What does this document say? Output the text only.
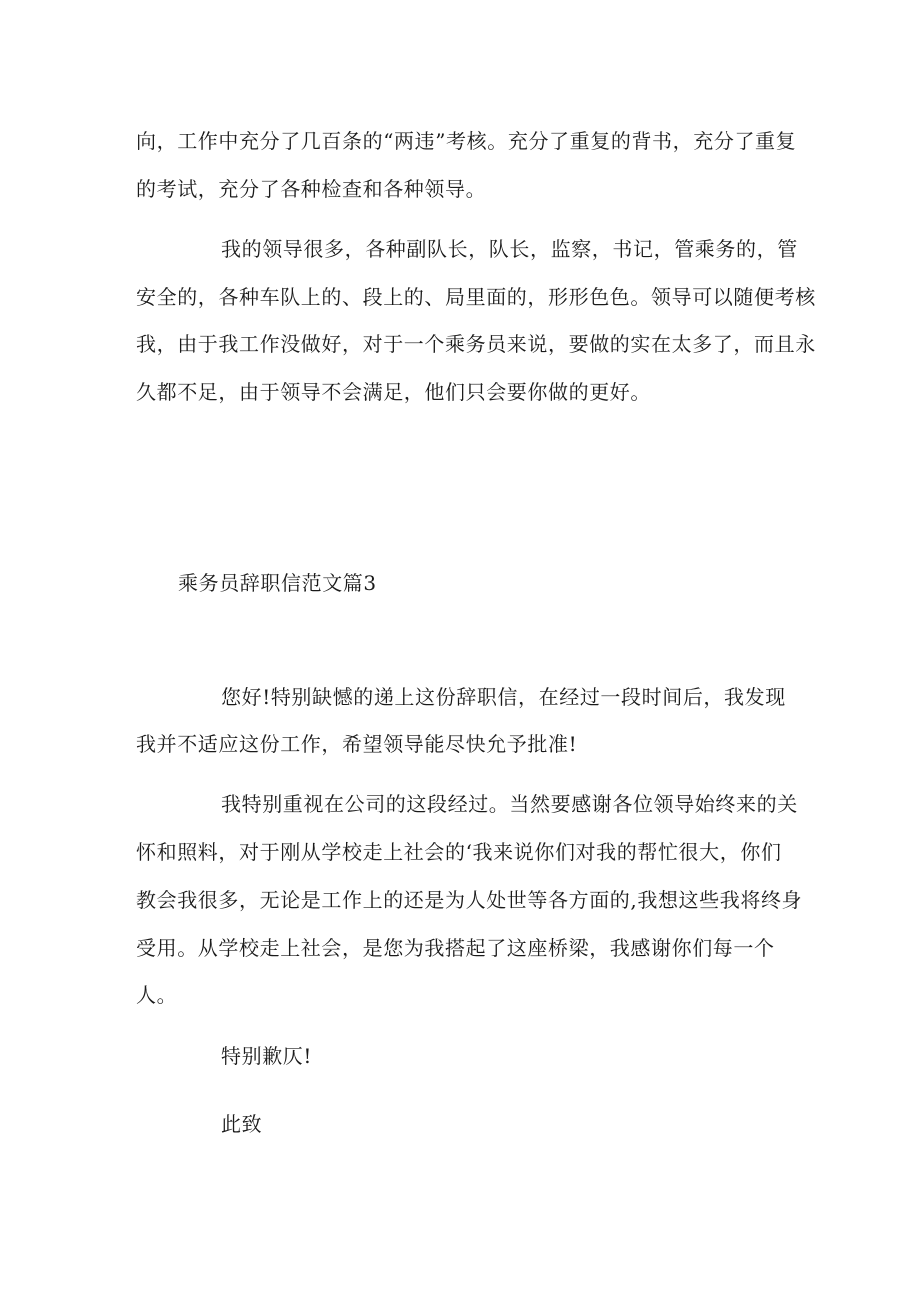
向，工作中充分了几百条的“两违”考核。充分了重复的背书，充分了重复
的考试，充分了各种检查和各种领导。
我的领导很多，各种副队长，队长，监察，书记，管乘务的，管
安全的，各种车队上的、段上的、局里面的，形形色色。领导可以随便考核
我，由于我工作没做好，对于一个乘务员来说，要做的实在太多了，而且永
久都不足，由于领导不会满足，他们只会要你做的更好。
乘务员辞职信范文篇3
您好!特别缺憾的递上这份辞职信，在经过一段时间后，我发现
我并不适应这份工作，希望领导能尽快允予批准!
我特别重视在公司的这段经过。当然要感谢各位领导始终来的关
怀和照料，对于刚从学校走上社会的‘我来说你们对我的帮忙很大，你们
教会我很多，无论是工作上的还是为人处世等各方面的,我想这些我将终身
受用。从学校走上社会，是您为我搭起了这座桥梁，我感谢你们每一个
人。
特别歉仄!
此致
